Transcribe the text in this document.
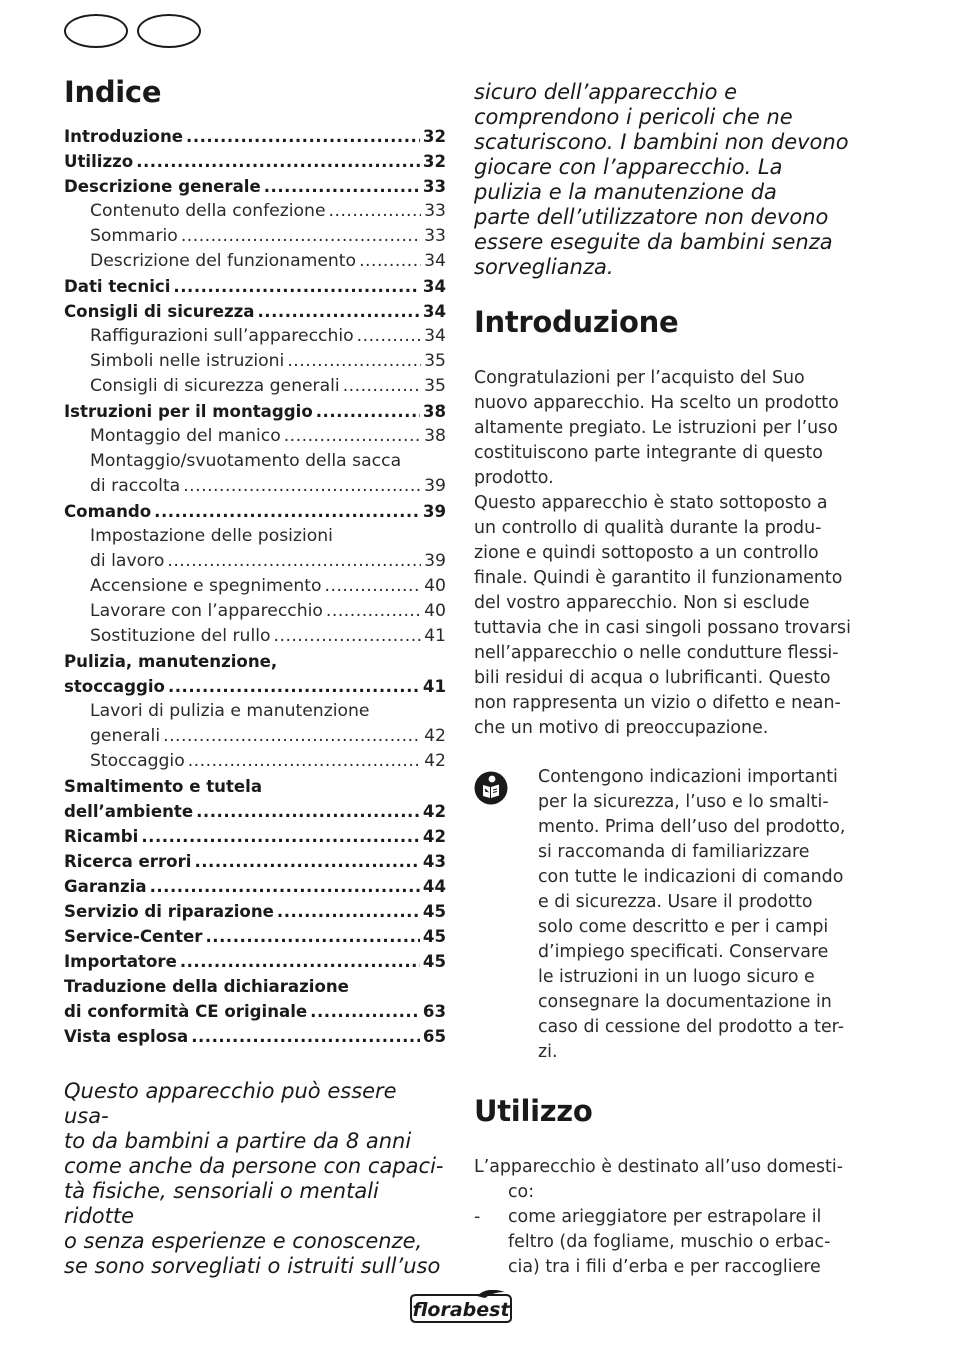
Indice
Introduzione .....	32
Utilizzo .....	32
Descrizione generale .....	33
Contenuto della confezione .....	33
Sommario .....	33
Descrizione del funzionamento .....	34
Dati tecnici .....	34
Consigli di sicurezza .....	34
Raffigurazioni sull’apparecchio .....	34
Simboli nelle istruzioni .....	35
Consigli di sicurezza generali .....	35
Istruzioni per il montaggio .....	38
Montaggio del manico .....	38
Montaggio/svuotamento della sacca
di raccolta .....	39
Comando .....	39
Impostazione delle posizioni
di lavoro .....	39
Accensione e spegnimento .....	40
Lavorare con l’apparecchio .....	40
Sostituzione del rullo .....	41
Pulizia, manutenzione,
stoccaggio .....	41
Lavori di pulizia e manutenzione
generali .....	42
Stoccaggio .....	42
Smaltimento e tutela
dell’ambiente .....	42
Ricambi .....	42
Ricerca errori .....	43
Garanzia .....	44
Servizio di riparazione .....	45
Service-Center .....	45
Importatore .....	45
Traduzione della dichiarazione
di conformità CE originale .....	63
Vista esplosa .....	65
Questo apparecchio può essere usa-
to da bambini a partire da 8 anni
come anche da persone con capaci-
tà fisiche, sensoriali o mentali ridotte
o senza esperienze e conoscenze,
se sono sorvegliati o istruiti sull’uso
sicuro dell’apparecchio e
comprendono i pericoli che ne
scaturiscono. I bambini non devono
giocare con l’apparecchio. La
pulizia e la manutenzione da
parte dell’utilizzatore non devono
essere eseguite da bambini senza
sorveglianza.
Introduzione
Congratulazioni per l’acquisto del Suo
nuovo apparecchio. Ha scelto un prodotto
altamente pregiato. Le istruzioni per l’uso
costituiscono parte integrante di questo
prodotto.
Questo apparecchio è stato sottoposto a
un controllo di qualità durante la produ-
zione e quindi sottoposto a un controllo
finale. Quindi è garantito il funzionamento
del vostro apparecchio. Non si esclude
tuttavia che in casi singoli possano trovarsi
nell’apparecchio o nelle condutture flessi-
bili residui di acqua o lubrificanti. Questo
non rappresenta un vizio o difetto e nean-
che un motivo di preoccupazione.
Contengono indicazioni importanti
per la sicurezza, l’uso e lo smalti-
mento. Prima dell’uso del prodotto,
si raccomanda di familiarizzare
con tutte le indicazioni di comando
e di sicurezza. Usare il prodotto
solo come descritto e per i campi
d’impiego specificati. Conservare
le istruzioni in un luogo sicuro e
consegnare la documentazione in
caso di cessione del prodotto a ter-
zi.
Utilizzo
L’apparecchio è destinato all’uso domesti-
co:
-	come arieggiatore per estrapolare il
feltro (da fogliame, muschio o erbac-
cia) tra i fili d’erba e per raccogliere
florabest
